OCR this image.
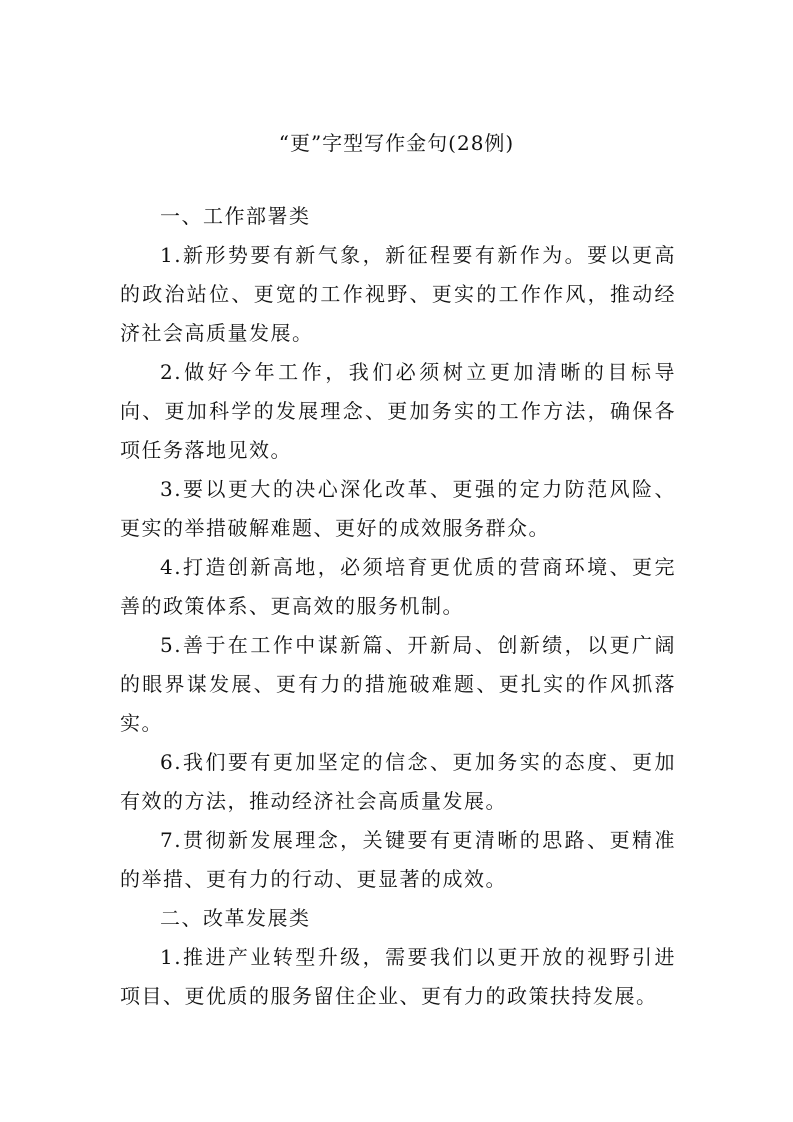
“更”字型写作金句(28例)

一、工作部署类

1.新形势要有新气象，新征程要有新作为。要以更高的政治站位、更宽的工作视野、更实的工作作风，推动经济社会高质量发展。

2.做好今年工作，我们必须树立更加清晰的目标导向、更加科学的发展理念、更加务实的工作方法，确保各项任务落地见效。

3.要以更大的决心深化改革、更强的定力防范风险、更实的举措破解难题、更好的成效服务群众。

4.打造创新高地，必须培育更优质的营商环境、更完善的政策体系、更高效的服务机制。

5.善于在工作中谋新篇、开新局、创新绩，以更广阔的眼界谋发展、更有力的措施破难题、更扎实的作风抓落实。

6.我们要有更加坚定的信念、更加务实的态度、更加有效的方法，推动经济社会高质量发展。

7.贯彻新发展理念，关键要有更清晰的思路、更精准的举措、更有力的行动、更显著的成效。

二、改革发展类

1.推进产业转型升级，需要我们以更开放的视野引进项目、更优质的服务留住企业、更有力的政策扶持发展。
